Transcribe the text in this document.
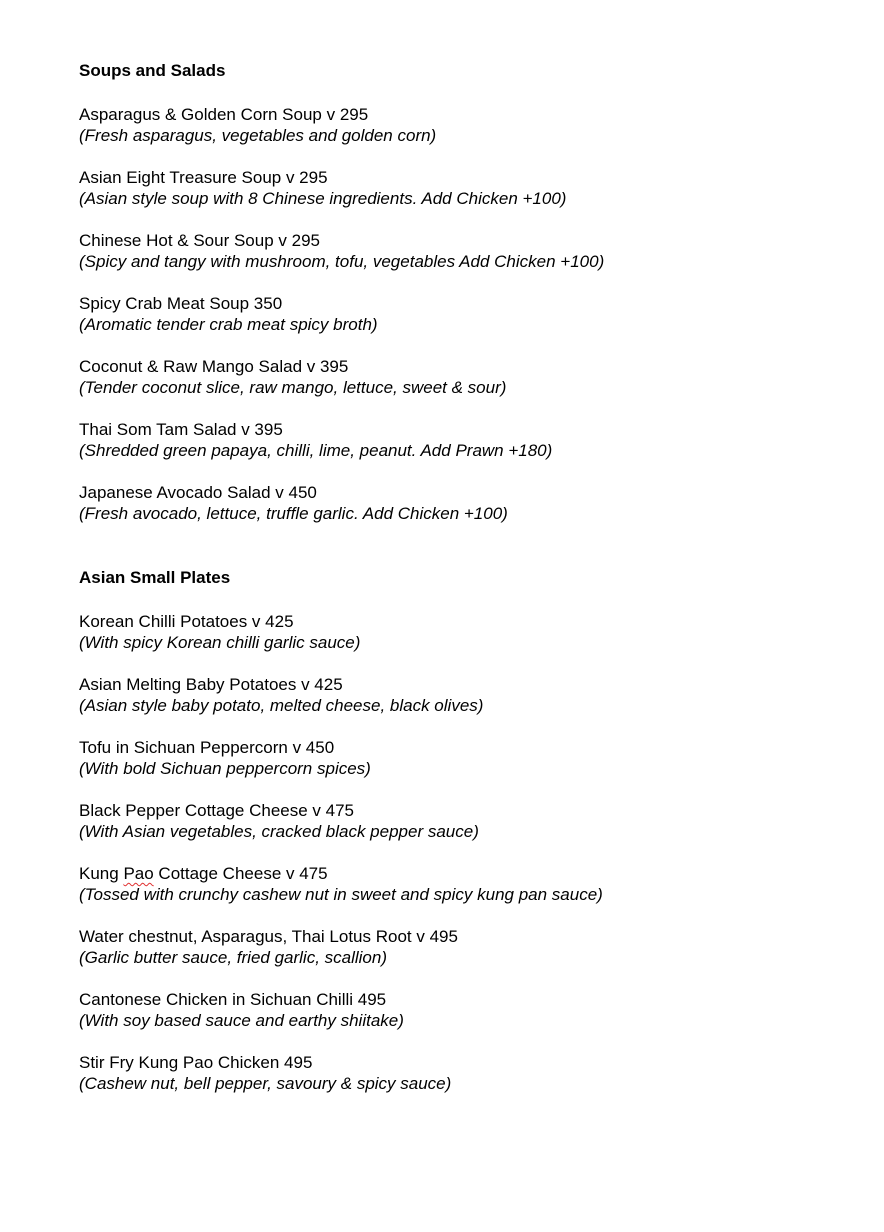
Soups and Salads
Asparagus & Golden Corn Soup v 295
(Fresh asparagus, vegetables and golden corn)
Asian Eight Treasure Soup v 295
(Asian style soup with 8 Chinese ingredients. Add Chicken +100)
Chinese Hot & Sour Soup v 295
(Spicy and tangy with mushroom, tofu, vegetables Add Chicken +100)
Spicy Crab Meat Soup 350
(Aromatic tender crab meat spicy broth)
Coconut & Raw Mango Salad v 395
(Tender coconut slice, raw mango, lettuce, sweet & sour)
Thai Som Tam Salad v 395
(Shredded green papaya, chilli, lime, peanut. Add Prawn +180)
Japanese Avocado Salad v 450
(Fresh avocado, lettuce, truffle garlic. Add Chicken +100)
Asian Small Plates
Korean Chilli Potatoes v 425
(With spicy Korean chilli garlic sauce)
Asian Melting Baby Potatoes v 425
(Asian style baby potato, melted cheese, black olives)
Tofu in Sichuan Peppercorn v 450
(With bold Sichuan peppercorn spices)
Black Pepper Cottage Cheese v 475
(With Asian vegetables, cracked black pepper sauce)
Kung Pao Cottage Cheese v 475
(Tossed with crunchy cashew nut in sweet and spicy kung pan sauce)
Water chestnut, Asparagus, Thai Lotus Root v 495
(Garlic butter sauce, fried garlic, scallion)
Cantonese Chicken in Sichuan Chilli 495
(With soy based sauce and earthy shiitake)
Stir Fry Kung Pao Chicken 495
(Cashew nut, bell pepper, savoury & spicy sauce)
